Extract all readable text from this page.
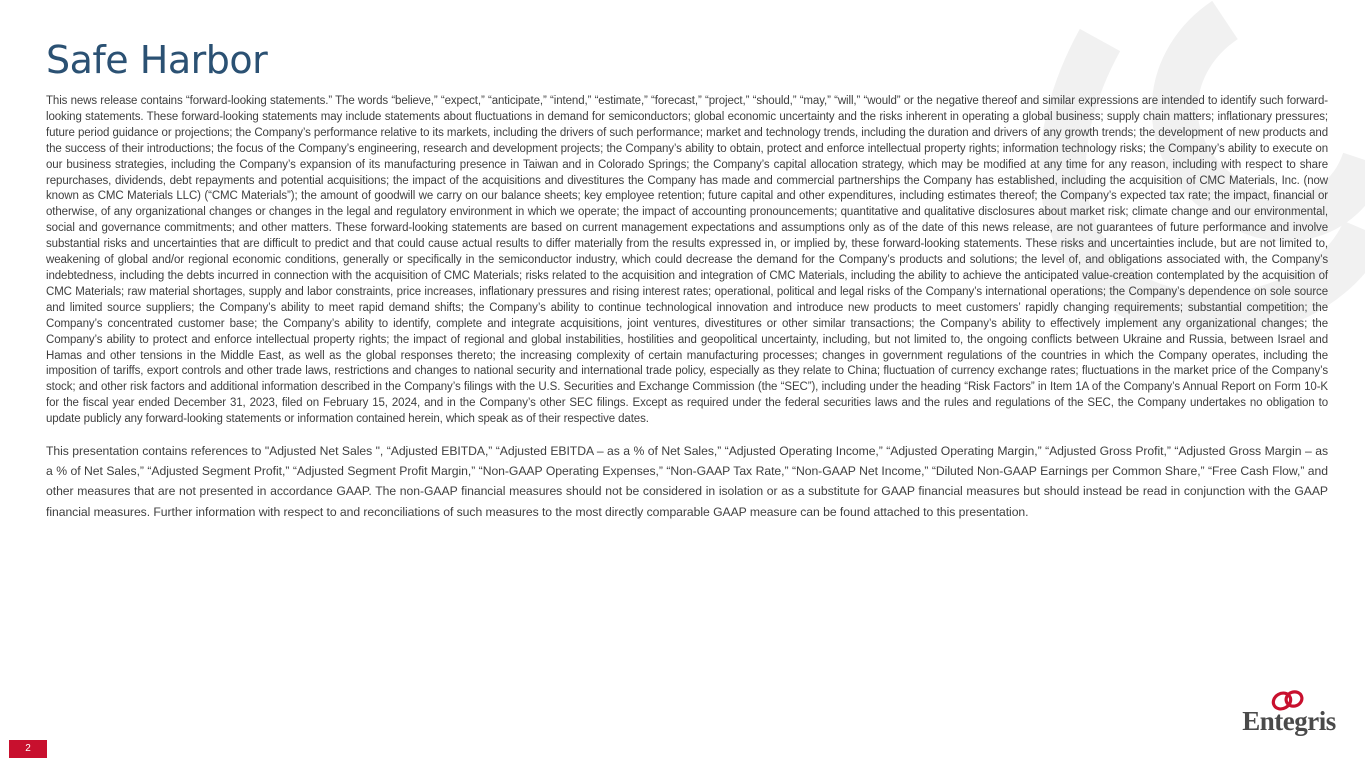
Safe Harbor

This news release contains “forward-looking statements.” The words “believe,” “expect,” “anticipate,” “intend,” “estimate,” “forecast,” “project,” “should,” “may,” “will,” “would” or the negative thereof and similar expressions are intended to identify such forward-looking statements. These forward-looking statements may include statements about fluctuations in demand for semiconductors; global economic uncertainty and the risks inherent in operating a global business; supply chain matters; inflationary pressures; future period guidance or projections; the Company’s performance relative to its markets, including the drivers of such performance; market and technology trends, including the duration and drivers of any growth trends; the development of new products and the success of their introductions; the focus of the Company’s engineering, research and development projects; the Company’s ability to obtain, protect and enforce intellectual property rights; information technology risks; the Company’s ability to execute on our business strategies, including the Company’s expansion of its manufacturing presence in Taiwan and in Colorado Springs; the Company’s capital allocation strategy, which may be modified at any time for any reason, including with respect to share repurchases, dividends, debt repayments and potential acquisitions; the impact of the acquisitions and divestitures the Company has made and commercial partnerships the Company has established, including the acquisition of CMC Materials, Inc. (now known as CMC Materials LLC) (“CMC Materials”); the amount of goodwill we carry on our balance sheets; key employee retention; future capital and other expenditures, including estimates thereof; the Company’s expected tax rate; the impact, financial or otherwise, of any organizational changes or changes in the legal and regulatory environment in which we operate; the impact of accounting pronouncements; quantitative and qualitative disclosures about market risk; climate change and our environmental, social and governance commitments; and other matters. These forward-looking statements are based on current management expectations and assumptions only as of the date of this news release, are not guarantees of future performance and involve substantial risks and uncertainties that are difficult to predict and that could cause actual results to differ materially from the results expressed in, or implied by, these forward-looking statements. These risks and uncertainties include, but are not limited to, weakening of global and/or regional economic conditions, generally or specifically in the semiconductor industry, which could decrease the demand for the Company’s products and solutions; the level of, and obligations associated with, the Company’s indebtedness, including the debts incurred in connection with the acquisition of CMC Materials; risks related to the acquisition and integration of CMC Materials, including the ability to achieve the anticipated value-creation contemplated by the acquisition of CMC Materials; raw material shortages, supply and labor constraints, price increases, inflationary pressures and rising interest rates; operational, political and legal risks of the Company’s international operations; the Company’s dependence on sole source and limited source suppliers; the Company’s ability to meet rapid demand shifts; the Company’s ability to continue technological innovation and introduce new products to meet customers’ rapidly changing requirements; substantial competition; the Company’s concentrated customer base; the Company’s ability to identify, complete and integrate acquisitions, joint ventures, divestitures or other similar transactions; the Company’s ability to effectively implement any organizational changes; the Company’s ability to protect and enforce intellectual property rights; the impact of regional and global instabilities, hostilities and geopolitical uncertainty, including, but not limited to, the ongoing conflicts between Ukraine and Russia, between Israel and Hamas and other tensions in the Middle East, as well as the global responses thereto; the increasing complexity of certain manufacturing processes; changes in government regulations of the countries in which the Company operates, including the imposition of tariffs, export controls and other trade laws, restrictions and changes to national security and international trade policy, especially as they relate to China; fluctuation of currency exchange rates; fluctuations in the market price of the Company’s stock; and other risk factors and additional information described in the Company’s filings with the U.S. Securities and Exchange Commission (the “SEC”), including under the heading “Risk Factors” in Item 1A of the Company’s Annual Report on Form 10-K for the fiscal year ended December 31, 2023, filed on February 15, 2024, and in the Company’s other SEC filings. Except as required under the federal securities laws and the rules and regulations of the SEC, the Company undertakes no obligation to update publicly any forward-looking statements or information contained herein, which speak as of their respective dates.

This presentation contains references to "Adjusted Net Sales ", “Adjusted EBITDA,” “Adjusted EBITDA – as a % of Net Sales,” “Adjusted Operating Income,” “Adjusted Operating Margin,” “Adjusted Gross Profit,” “Adjusted Gross Margin – as a % of Net Sales,” “Adjusted Segment Profit,” “Adjusted Segment Profit Margin,” “Non-GAAP Operating Expenses,” “Non-GAAP Tax Rate,” “Non-GAAP Net Income,” “Diluted Non-GAAP Earnings per Common Share,” “Free Cash Flow,” and other measures that are not presented in accordance GAAP. The non-GAAP financial measures should not be considered in isolation or as a substitute for GAAP financial measures but should instead be read in conjunction with the GAAP financial measures. Further information with respect to and reconciliations of such measures to the most directly comparable GAAP measure can be found attached to this presentation.

2
Entegris
